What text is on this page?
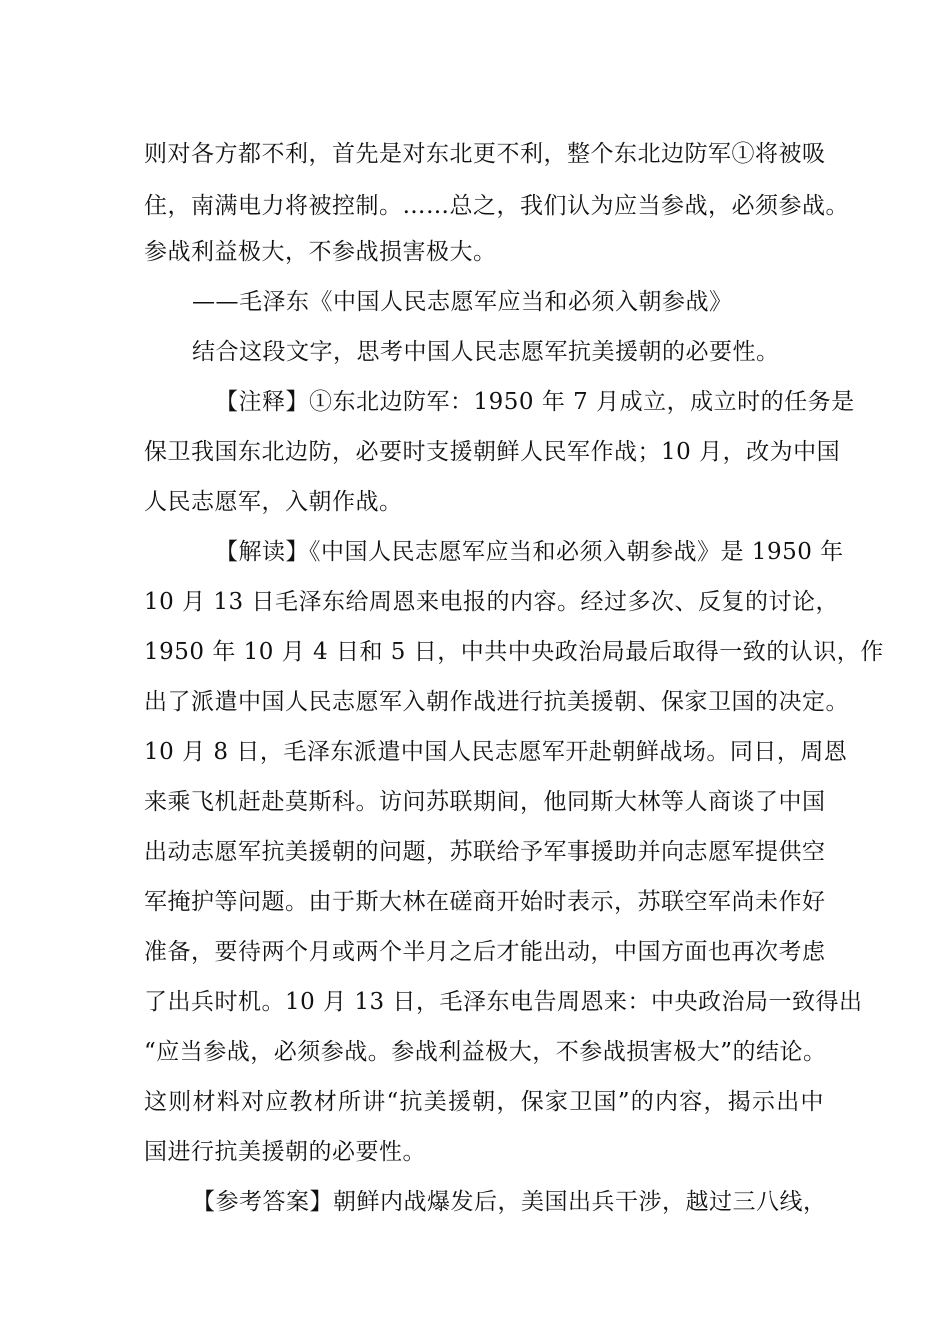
则对各方都不利，首先是对东北更不利，整个东北边防军①将被吸
住，南满电力将被控制。……总之，我们认为应当参战，必须参战。
参战利益极大，不参战损害极大。
——毛泽东《中国人民志愿军应当和必须入朝参战》
结合这段文字，思考中国人民志愿军抗美援朝的必要性。
【注释】①东北边防军：1950 年 7 月成立，成立时的任务是
保卫我国东北边防，必要时支援朝鲜人民军作战；10 月，改为中国
人民志愿军，入朝作战。
【解读】《中国人民志愿军应当和必须入朝参战》是 1950 年
10 月 13 日毛泽东给周恩来电报的内容。经过多次、反复的讨论，
1950 年 10 月 4 日和 5 日，中共中央政治局最后取得一致的认识，作
出了派遣中国人民志愿军入朝作战进行抗美援朝、保家卫国的决定。
10 月 8 日，毛泽东派遣中国人民志愿军开赴朝鲜战场。同日，周恩
来乘飞机赶赴莫斯科。访问苏联期间，他同斯大林等人商谈了中国
出动志愿军抗美援朝的问题，苏联给予军事援助并向志愿军提供空
军掩护等问题。由于斯大林在磋商开始时表示，苏联空军尚未作好
准备，要待两个月或两个半月之后才能出动，中国方面也再次考虑
了出兵时机。10 月 13 日，毛泽东电告周恩来：中央政治局一致得出
“应当参战，必须参战。参战利益极大，不参战损害极大”的结论。
这则材料对应教材所讲“抗美援朝，保家卫国”的内容，揭示出中
国进行抗美援朝的必要性。
【参考答案】朝鲜内战爆发后，美国出兵干涉，越过三八线，
